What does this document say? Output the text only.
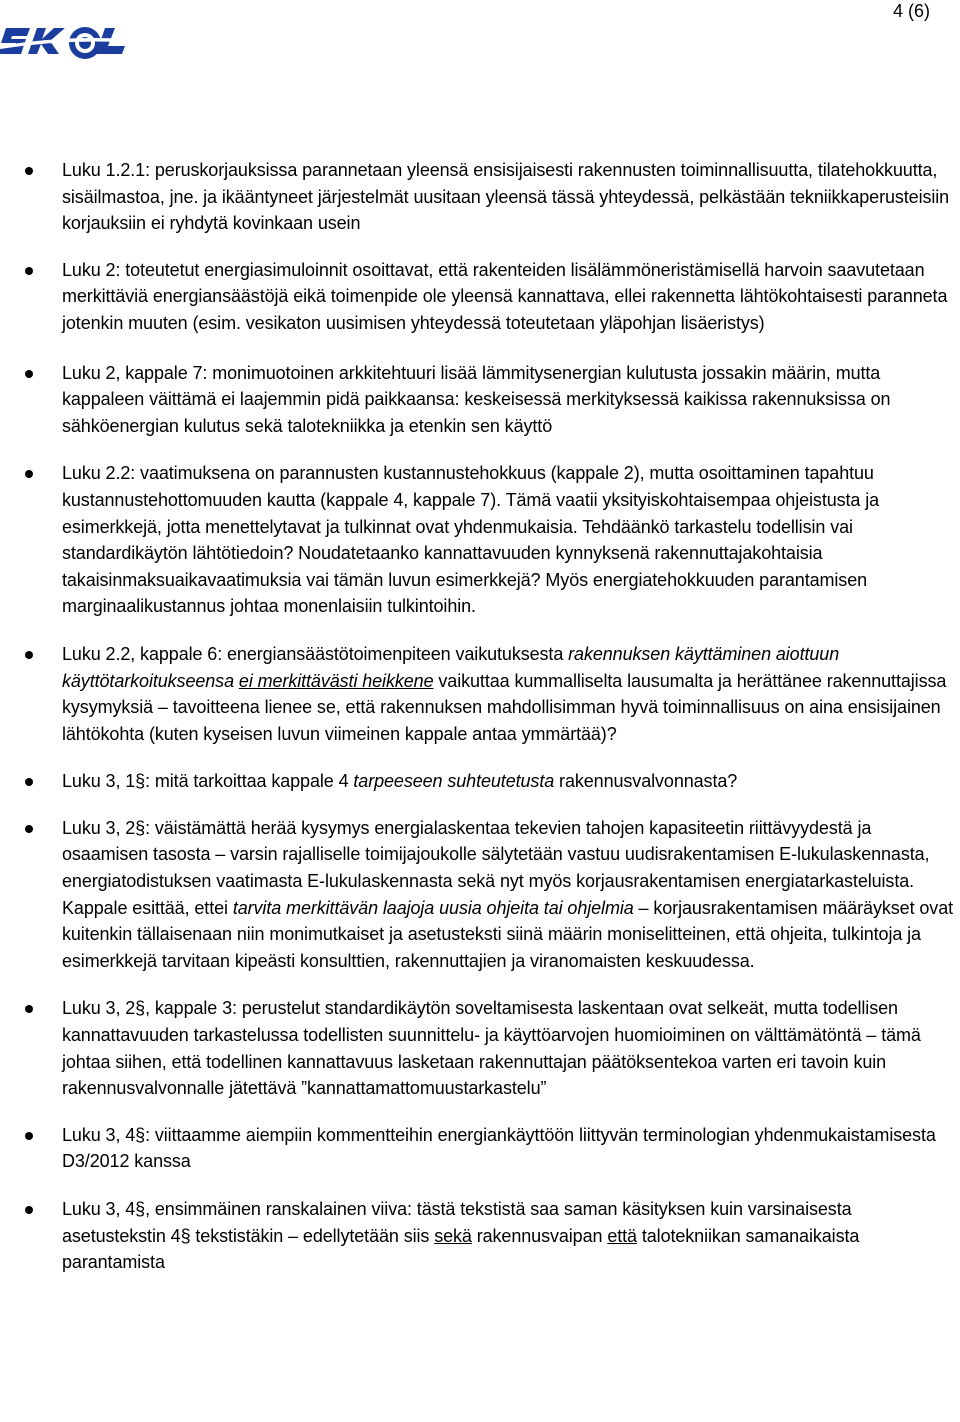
4 (6)
Luku 1.2.1: peruskorjauksissa parannetaan yleensä ensisijaisesti rakennusten toiminnallisuutta, tilatehokkuutta, sisäilmastoa, jne. ja ikääntyneet järjestelmät uusitaan yleensä tässä yhteydessä, pelkästään tekniikkaperusteisiin korjauksiin ei ryhdytä kovinkaan usein
Luku 2: toteutetut energiasimuloinnit osoittavat, että rakenteiden lisälämmöneristämisellä harvoin saavutetaan merkittäviä energiansäästöjä eikä toimenpide ole yleensä kannattava, ellei rakennetta lähtökohtaisesti paranneta jotenkin muuten (esim. vesikaton uusimisen yhteydessä toteutetaan yläpohjan lisäeristys)
Luku 2, kappale 7: monimuotoinen arkkitehtuuri lisää lämmitysenergian kulutusta jossakin määrin, mutta kappaleen väittämä ei laajemmin pidä paikkaansa: keskeisessä merkityksessä kaikissa rakennuksissa on sähköenergian kulutus sekä talotekniikka ja etenkin sen käyttö
Luku 2.2: vaatimuksena on parannusten kustannustehokkuus (kappale 2), mutta osoittaminen tapahtuu kustannustehottomuuden kautta (kappale 4, kappale 7). Tämä vaatii yksityiskohtaisempaa ohjeistusta ja esimerkkejä, jotta menettelytavat ja tulkinnat ovat yhdenmukaisia. Tehdäänkö tarkastelu todellisin vai standardikäytön lähtötiedoin? Noudatetaanko kannattavuuden kynnyksenä rakennuttajakohtaisia takaisinmaksuaikavaatimuksia vai tämän luvun esimerkkejä? Myös energiatehokkuuden parantamisen marginaalikustannus johtaa monenlaisiin tulkintoihin.
Luku 2.2, kappale 6: energiansäästötoimenpiteen vaikutuksesta rakennuksen käyttäminen aiottuun käyttötarkoitukseensa ei merkittävästi heikkene vaikuttaa kummalliselta lausumalta ja herättänee rakennuttajissa kysymyksiä – tavoitteena lienee se, että rakennuksen mahdollisimman hyvä toiminnallisuus on aina ensisijainen lähtökohta (kuten kyseisen luvun viimeinen kappale antaa ymmärtää)?
Luku 3, 1§: mitä tarkoittaa kappale 4 tarpeeseen suhteutetusta rakennusvalvonnasta?
Luku 3, 2§: väistämättä herää kysymys energialaskentaa tekevien tahojen kapasiteetin riittävyydestä ja osaamisen tasosta – varsin rajalliselle toimijajoukolle sälytetään vastuu uudisrakentamisen E-lukulaskennasta, energiatodistuksen vaatimasta E-lukulaskennasta sekä nyt myös korjausrakentamisen energiatarkasteluista. Kappale esittää, ettei tarvita merkittävän laajoja uusia ohjeita tai ohjelmia – korjausrakentamisen määräykset ovat kuitenkin tällaisenaan niin monimutkaiset ja asetusteksti siinä määrin moniselitteinen, että ohjeita, tulkintoja ja esimerkkejä tarvitaan kipeästi konsulttien, rakennuttajien ja viranomaisten keskuudessa.
Luku 3, 2§, kappale 3: perustelut standardikäytön soveltamisesta laskentaan ovat selkeät, mutta todellisen kannattavuuden tarkastelussa todellisten suunnittelu- ja käyttöarvojen huomioiminen on välttämätöntä – tämä johtaa siihen, että todellinen kannattavuus lasketaan rakennuttajan päätöksentekoa varten eri tavoin kuin rakennusvalvonnalle jätettävä ”kannattamattomuustarkastelu”
Luku 3, 4§: viittaamme aiempiin kommentteihin energiankäyttöön liittyvän terminologian yhdenmukaistamisesta D3/2012 kanssa
Luku 3, 4§, ensimmäinen ranskalainen viiva: tästä tekstistä saa saman käsityksen kuin varsinaisesta asetustekstin 4§ tekstistäkin – edellytetään siis sekä rakennusvaipan että talotekniikan samanaikaista parantamista
